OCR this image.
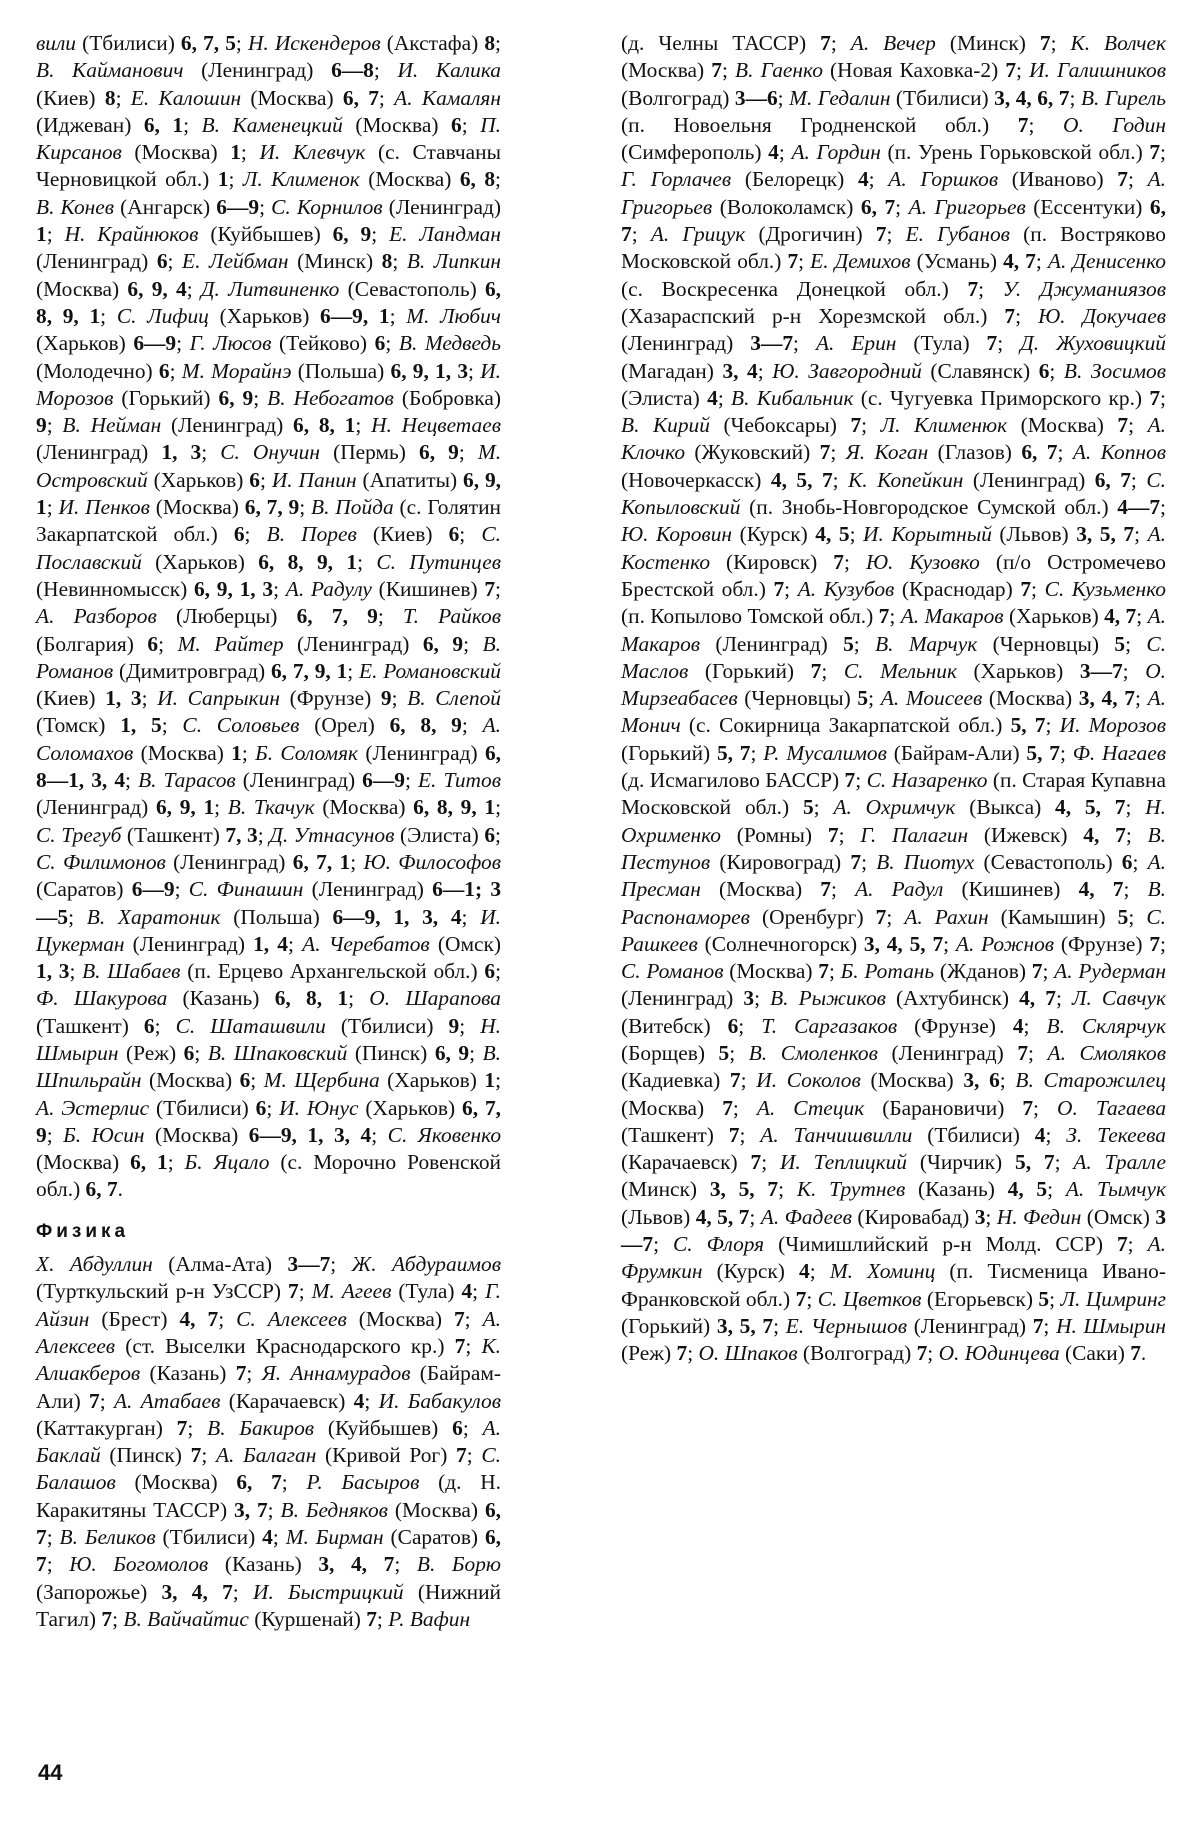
вили (Тбилиси) 6, 7, 5; Н. Искендеров (Акстафа) 8; В. Кайманович (Ленинград) 6—8; И. Калика (Киев) 8; Е. Калошин (Москва) 6, 7; А. Камалян (Иджеван) 6, 1; В. Каменецкий (Москва) 6; П. Кирсанов (Москва) 1; И. Клевчук (с. Ставчаны Черновицкой обл.) 1; Л. Клименок (Москва) 6, 8; В. Конев (Ангарск) 6—9; С. Корнилов (Ленинград) 1; Н. Крайнюков (Куйбышев) 6, 9; Е. Ландман (Ленинград) 6; Е. Лейбман (Минск) 8; В. Липкин (Москва) 6, 9, 4; Д. Литвиненко (Севастополь) 6, 8, 9, 1; С. Лифиц (Харьков) 6—9, 1; М. Любич (Харьков) 6—9; Г. Люсов (Тейково) 6; В. Медведь (Молодечно) 6; М. Морайнэ (Польша) 6, 9, 1, 3; И. Морозов (Горький) 6, 9; В. Небогатов (Бобровка) 9; В. Нейман (Ленинград) 6, 8, 1; Н. Нецветаев (Ленинград) 1, 3; С. Онучин (Пермь) 6, 9; М. Островский (Харьков) 6; И. Панин (Апатиты) 6, 9, 1; И. Пенков (Москва) 6, 7, 9; В. Пойда (с. Голятин Закарпатской обл.) 6; В. Порев (Киев) 6; С. Пославский (Харьков) 6, 8, 9, 1; С. Путинцев (Невинномысск) 6, 9, 1, 3; А. Радулу (Кишинев) 7; А. Разборов (Люберцы) 6, 7, 9; Т. Райков (Болгария) 6; М. Райтер (Ленинград) 6, 9; В. Романов (Димитровград) 6, 7, 9, 1; Е. Романовский (Киев) 1, 3; И. Сапрыкин (Фрунзе) 9; В. Слепой (Томск) 1, 5; С. Соловьев (Орел) 6, 8, 9; А. Соломахов (Москва) 1; Б. Соломяк (Ленинград) 6, 8—1, 3, 4; В. Тарасов (Ленинград) 6—9; Е. Титов (Ленинград) 6, 9, 1; В. Ткачук (Москва) 6, 8, 9, 1; С. Трегуб (Ташкент) 7, 3; Д. Утнасунов (Элиста) 6; С. Филимонов (Ленинград) 6, 7, 1; Ю. Философов (Саратов) 6—9; С. Финашин (Ленинград) 6—1; 3—5; В. Харатоник (Польша) 6—9, 1, 3, 4; И. Цукерман (Ленинград) 1, 4; А. Черебатов (Омск) 1, 3; В. Шабаев (п. Ерцево Архангельской обл.) 6; Ф. Шакурова (Казань) 6, 8, 1; О. Шарапова (Ташкент) 6; С. Шаташвили (Тбилиси) 9; Н. Шмырин (Реж) 6; В. Шпаковский (Пинск) 6, 9; В. Шпильрайн (Москва) 6; М. Щербина (Харьков) 1; А. Эстерлис (Тбилиси) 6; И. Юнус (Харьков) 6, 7, 9; Б. Юсин (Москва) 6—9, 1, 3, 4; С. Яковенко (Москва) 6, 1; Б. Яцало (с. Морочно Ровенской обл.) 6, 7.

Физика

Х. Абдуллин (Алма-Ата) 3—7; Ж. Абдураимов (Турткульский р-н УзССР) 7; М. Агеев (Тула) 4; Г. Айзин (Брест) 4, 7; С. Алексеев (Москва) 7; А. Алексеев (ст. Выселки Краснодарского кр.) 7; К. Алиакберов (Казань) 7; Я. Аннамурадов (Байрам-Али) 7; А. Атабаев (Карачаевск) 4; И. Бабакулов (Каттакурган) 7; В. Бакиров (Куйбышев) 6; А. Баклай (Пинск) 7; А. Балаган (Кривой Рог) 7; С. Балашов (Москва) 6, 7; Р. Басыров (д. Н. Каракитяны ТАССР) 3, 7; В. Бедняков (Москва) 6, 7; В. Беликов (Тбилиси) 4; М. Бирман (Саратов) 6, 7; Ю. Богомолов (Казань) 3, 4, 7; В. Борю (Запорожье) 3, 4, 7; И. Быстрицкий (Нижний Тагил) 7; В. Вайчайтис (Куршенай) 7; Р. Вафин

(д. Челны ТАССР) 7; А. Вечер (Минск) 7; К. Волчек (Москва) 7; В. Гаенко (Новая Каховка-2) 7; И. Галишников (Волгоград) 3—6; М. Гедалин (Тбилиси) 3, 4, 6, 7; В. Гирель (п. Новоельня Гродненской обл.) 7; О. Годин (Симферополь) 4; А. Гордин (п. Урень Горьковской обл.) 7; Г. Горлачев (Белорецк) 4; А. Горшков (Иваново) 7; А. Григорьев (Волоколамск) 6, 7; А. Григорьев (Ессентуки) 6, 7; А. Грицук (Дрогичин) 7; Е. Губанов (п. Востряково Московской обл.) 7; Е. Демихов (Усмань) 4, 7; А. Денисенко (с. Воскресенка Донецкой обл.) 7; У. Джуманиязов (Хазараспский р-н Хорезмской обл.) 7; Ю. Докучаев (Ленинград) 3—7; А. Ерин (Тула) 7; Д. Жуховицкий (Магадан) 3, 4; Ю. Завгородний (Славянск) 6; В. Зосимов (Элиста) 4; В. Кибальник (с. Чугуевка Приморского кр.) 7; В. Кирий (Чебоксары) 7; Л. Клименюк (Москва) 7; А. Клочко (Жуковский) 7; Я. Коган (Глазов) 6, 7; А. Копнов (Новочеркасск) 4, 5, 7; К. Копейкин (Ленинград) 6, 7; С. Копыловский (п. Знобь-Новгородское Сумской обл.) 4—7; Ю. Коровин (Курск) 4, 5; И. Корытный (Львов) 3, 5, 7; А. Костенко (Кировск) 7; Ю. Кузовко (п/о Остромечево Брестской обл.) 7; А. Кузубов (Краснодар) 7; С. Кузьменко (п. Копылово Томской обл.) 7; А. Макаров (Харьков) 4, 7; А. Макаров (Ленинград) 5; В. Марчук (Черновцы) 5; С. Маслов (Горький) 7; С. Мельник (Харьков) 3—7; О. Мирзеабасев (Черновцы) 5; А. Моисеев (Москва) 3, 4, 7; А. Монич (с. Сокирница Закарпатской обл.) 5, 7; И. Морозов (Горький) 5, 7; Р. Мусалимов (Байрам-Али) 5, 7; Ф. Нагаев (д. Исмагилово БАССР) 7; С. Назаренко (п. Старая Купавна Московской обл.) 5; А. Охримчук (Выкса) 4, 5, 7; Н. Охрименко (Ромны) 7; Г. Палагин (Ижевск) 4, 7; В. Пестунов (Кировоград) 7; В. Пиотух (Севастополь) 6; А. Пресман (Москва) 7; А. Радул (Кишинев) 4, 7; В. Распонаморев (Оренбург) 7; А. Рахин (Камышин) 5; С. Рашкеев (Солнечногорск) 3, 4, 5, 7; А. Рожнов (Фрунзе) 7; С. Романов (Москва) 7; Б. Ротань (Жданов) 7; А. Рудерман (Ленинград) 3; В. Рыжиков (Ахтубинск) 4, 7; Л. Савчук (Витебск) 6; Т. Саргазаков (Фрунзе) 4; В. Склярчук (Борщев) 5; В. Смоленков (Ленинград) 7; А. Смоляков (Кадиевка) 7; И. Соколов (Москва) 3, 6; В. Старожилец (Москва) 7; А. Стецик (Барановичи) 7; О. Тагаева (Ташкент) 7; А. Танчишвилли (Тбилиси) 4; З. Текеева (Карачаевск) 7; И. Теплицкий (Чирчик) 5, 7; А. Тралле (Минск) 3, 5, 7; К. Трутнев (Казань) 4, 5; А. Тымчук (Львов) 4, 5, 7; А. Фадеев (Кировабад) 3; Н. Федин (Омск) 3—7; С. Флоря (Чимишлийский р-н Молд. ССР) 7; А. Фрумкин (Курск) 4; М. Хоминц (п. Тисменица Ивано-Франковской обл.) 7; С. Цветков (Егорьевск) 5; Л. Цимринг (Горький) 3, 5, 7; Е. Чернышов (Ленинград) 7; Н. Шмырин (Реж) 7; О. Шпаков (Волгоград) 7; О. Юдинцева (Саки) 7.

44
